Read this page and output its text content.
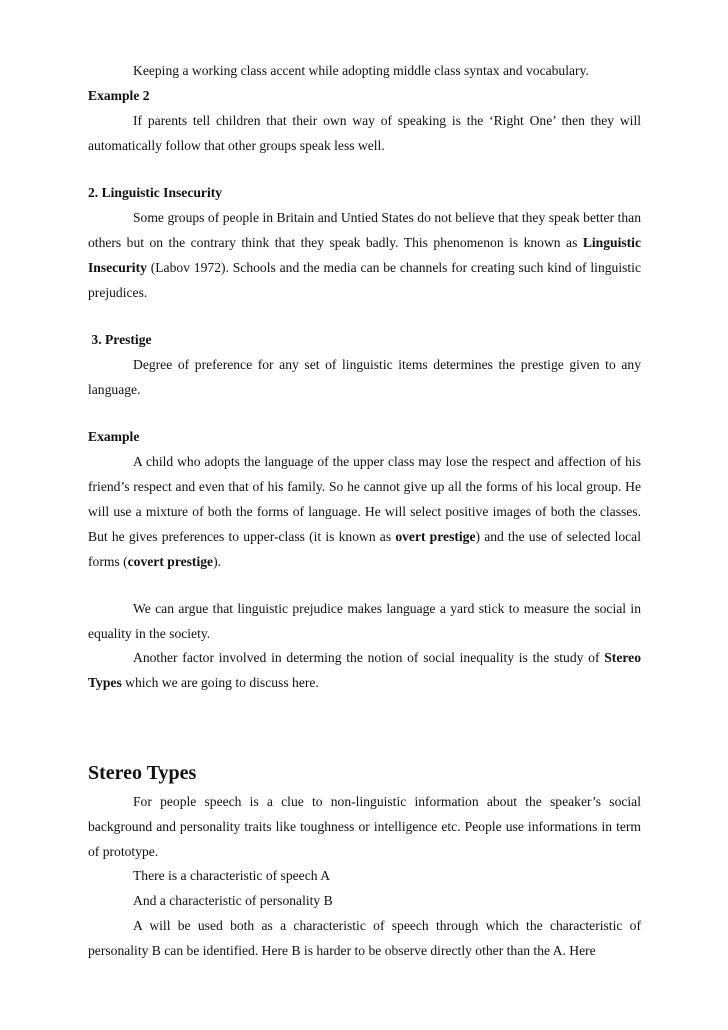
Keeping a working class accent while adopting middle class syntax and vocabulary.

Example 2

If parents tell children that their own way of speaking is the ‘Right One’ then they will automatically follow that other groups speak less well.

2. Linguistic Insecurity

Some groups of people in Britain and Untied States do not believe that they speak better than others but on the contrary think that they speak badly. This phenomenon is known as Linguistic Insecurity (Labov 1972). Schools and the media can be channels for creating such kind of linguistic prejudices.

3. Prestige

Degree of preference for any set of linguistic items determines the prestige given to any language.

Example

A child who adopts the language of the upper class may lose the respect and affection of his friend’s respect and even that of his family. So he cannot give up all the forms of his local group. He will use a mixture of both the forms of language. He will select positive images of both the classes. But he gives preferences to upper-class (it is known as overt prestige) and the use of selected local forms (covert prestige).

We can argue that linguistic prejudice makes language a yard stick to measure the social in equality in the society.

Another factor involved in determing the notion of social inequality is the study of Stereo Types which we are going to discuss here.

Stereo Types

For people speech is a clue to non-linguistic information about the speaker’s social background and personality traits like toughness or intelligence etc. People use informations in term of prototype.

There is a characteristic of speech A

And a characteristic of personality B

A will be used both as a characteristic of speech through which the characteristic of personality B can be identified. Here B is harder to be observe directly other than the A. Here
